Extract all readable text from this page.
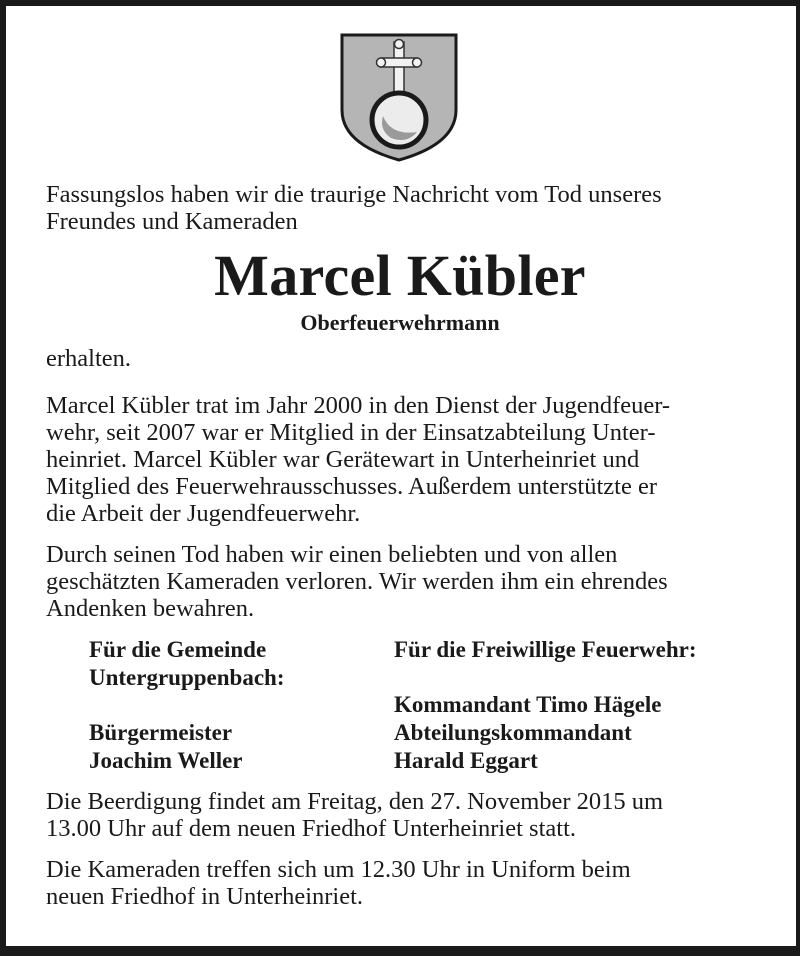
Fassungslos haben wir die traurige Nachricht vom Tod unseres

Freundes und Kameraden

Marcel Kübler
Oberfeuerwehrmann

erhalten.

Marcel Kübler trat im Jahr 2000 in den Dienst der Jugendfeuer-

wehr, seit 2007 war er Mitglied in der Einsatzabteilung Unter-

heinriet. Marcel Kübler war Gerätewart in Unterheinriet und

Mitglied des Feuerwehrausschusses. Außerdem unterstützte er

die Arbeit der Jugendfeuerwehr.

Durch seinen Tod haben wir einen beliebten und von allen

geschätzten Kameraden verloren. Wir werden ihm ein ehrendes

Andenken bewahren.

Für die Gemeinde
Untergruppenbach:
Bürgermeister
Joachim Weller
Für die Freiwillige Feuerwehr:
Kommandant Timo Hägele
Abteilungskommandant
Harald Eggart

Die Beerdigung findet am Freitag, den 27. November 2015 um

13.00 Uhr auf dem neuen Friedhof Unterheinriet statt.

Die Kameraden treffen sich um 12.30 Uhr in Uniform beim

neuen Friedhof in Unterheinriet.
